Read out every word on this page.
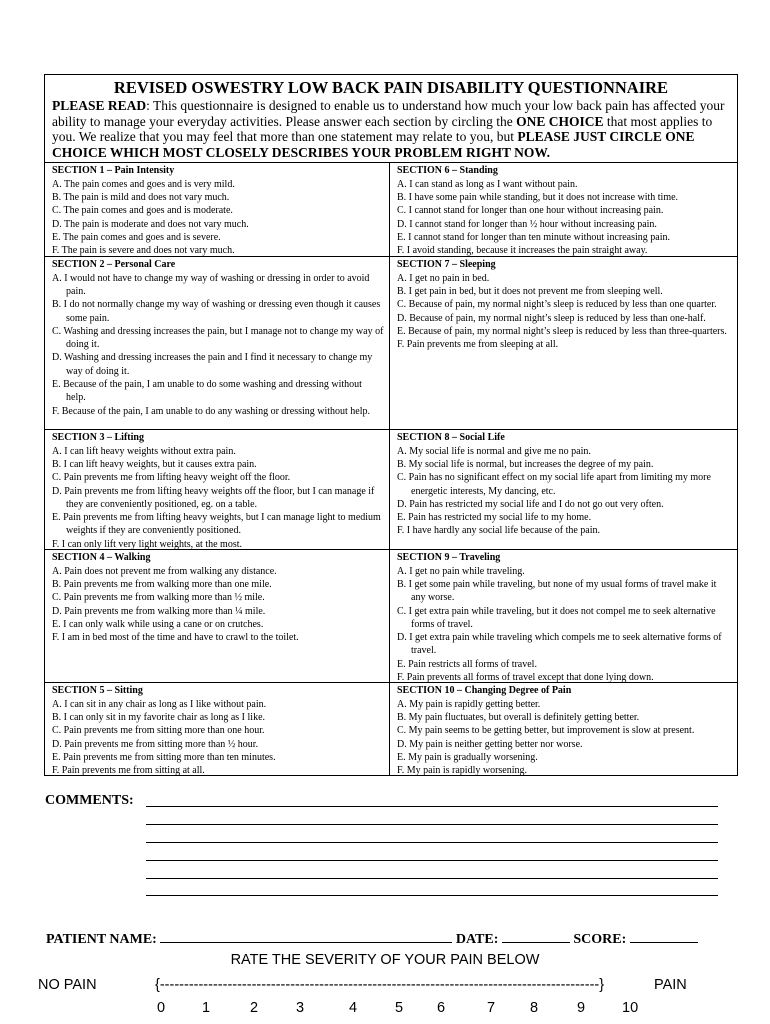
REVISED OSWESTRY LOW BACK PAIN DISABILITY QUESTIONNAIRE
PLEASE READ: This questionnaire is designed to enable us to understand how much your low back pain has affected your ability to manage your everyday activities. Please answer each section by circling the ONE CHOICE that most applies to you. We realize that you may feel that more than one statement may relate to you, but PLEASE JUST CIRCLE ONE CHOICE WHICH MOST CLOSELY DESCRIBES YOUR PROBLEM RIGHT NOW.
SECTION 1 – Pain Intensity
A. The pain comes and goes and is very mild.
B. The pain is mild and does not vary much.
C. The pain comes and goes and is moderate.
D. The pain is moderate and does not vary much.
E. The pain comes and goes and is severe.
F. The pain is severe and does not vary much.
SECTION 6 – Standing
A. I can stand as long as I want without pain.
B. I have some pain while standing, but it does not increase with time.
C. I cannot stand for longer than one hour without increasing pain.
D. I cannot stand for longer than ½ hour without increasing pain.
E. I cannot stand for longer than ten minute without increasing pain.
F. I avoid standing, because it increases the pain straight away.
SECTION 2 – Personal Care
A. I would not have to change my way of washing or dressing in order to avoid pain.
B. I do not normally change my way of washing or dressing even though it causes some pain.
C. Washing and dressing increases the pain, but I manage not to change my way of doing it.
D. Washing and dressing increases the pain and I find it necessary to change my way of doing it.
E. Because of the pain, I am unable to do some washing and dressing without help.
F. Because of the pain, I am unable to do any washing or dressing without help.
SECTION 7 – Sleeping
A. I get no pain in bed.
B. I get pain in bed, but it does not prevent me from sleeping well.
C. Because of pain, my normal night’s sleep is reduced by less than one quarter.
D. Because of pain, my normal night’s sleep is reduced by less than one-half.
E. Because of pain, my normal night’s sleep is reduced by less than three-quarters.
F. Pain prevents me from sleeping at all.
SECTION 3 – Lifting
A. I can lift heavy weights without extra pain.
B. I can lift heavy weights, but it causes extra pain.
C. Pain prevents me from lifting heavy weight off the floor.
D. Pain prevents me from lifting heavy weights off the floor, but I can manage if they are conveniently positioned, eg. on a table.
E. Pain prevents me from lifting heavy weights, but I can manage light to medium weights if they are conveniently positioned.
F. I can only lift very light weights, at the most.
SECTION 8 – Social Life
A. My social life is normal and give me no pain.
B. My social life is normal, but increases the degree of my pain.
C. Pain has no significant effect on my social life apart from limiting my more energetic interests, My dancing, etc.
D. Pain has restricted my social life and I do not go out very often.
E. Pain has restricted my social life to my home.
F. I have hardly any social life because of the pain.
SECTION 4 – Walking
A. Pain does not prevent me from walking any distance.
B. Pain prevents me from walking more than one mile.
C. Pain prevents me from walking more than ½ mile.
D. Pain prevents me from walking more than ¼ mile.
E. I can only walk while using a cane or on crutches.
F. I am in bed most of the time and have to crawl to the toilet.
SECTION 9 – Traveling
A. I get no pain while traveling.
B. I get some pain while traveling, but none of my usual forms of travel make it any worse.
C. I get extra pain while traveling, but it does not compel me to seek alternative forms of travel.
D. I get extra pain while traveling which compels me to seek alternative forms of travel.
E. Pain restricts all forms of travel.
F. Pain prevents all forms of travel except that done lying down.
SECTION 5 – Sitting
A. I can sit in any chair as long as I like without pain.
B. I can only sit in my favorite chair as long as I like.
C. Pain prevents me from sitting more than one hour.
D. Pain prevents me from sitting more than ½ hour.
E. Pain prevents me from sitting more than ten minutes.
F. Pain prevents me from sitting at all.
SECTION 10 – Changing Degree of Pain
A. My pain is rapidly getting better.
B. My pain fluctuates, but overall is definitely getting better.
C. My pain seems to be getting better, but improvement is slow at present.
D. My pain is neither getting better nor worse.
E. My pain is gradually worsening.
F. My pain is rapidly worsening.
COMMENTS:
PATIENT NAME:	DATE:	SCORE:
RATE THE SEVERITY OF YOUR PAIN BELOW
NO PAIN	{-------------------------------------------------------------------------------------------}	PAIN
0	1	2	3	4	5 6	7 8	9	10
